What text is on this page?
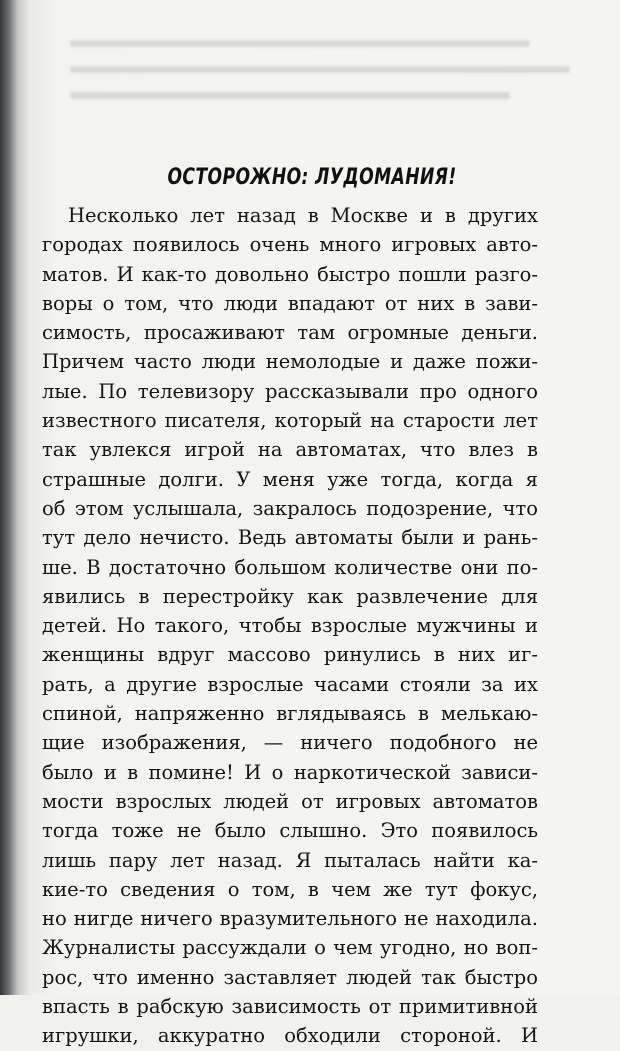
ОСТОРОЖНО: ЛУДОМАНИЯ!
Несколько лет назад в Москве и в других
городах появилось очень много игровых авто-
матов. И как-то довольно быстро пошли разго-
воры о том, что люди впадают от них в зави-
симость, просаживают там огромные деньги.
Причем часто люди немолодые и даже пожи-
лые. По телевизору рассказывали про одного
известного писателя, который на старости лет
так увлекся игрой на автоматах, что влез в
страшные долги. У меня уже тогда, когда я
об этом услышала, закралось подозрение, что
тут дело нечисто. Ведь автоматы были и рань-
ше. В достаточно большом количестве они по-
явились в перестройку как развлечение для
детей. Но такого, чтобы взрослые мужчины и
женщины вдруг массово ринулись в них иг-
рать, а другие взрослые часами стояли за их
спиной, напряженно вглядываясь в мелькаю-
щие изображения, — ничего подобного не
было и в помине! И о наркотической зависи-
мости взрослых людей от игровых автоматов
тогда тоже не было слышно. Это появилось
лишь пару лет назад. Я пыталась найти ка-
кие-то сведения о том, в чем же тут фокус,
но нигде ничего вразумительного не находила.
Журналисты рассуждали о чем угодно, но воп-
рос, что именно заставляет людей так быстро
впасть в рабскую зависимость от примитивной
игрушки, аккуратно обходили стороной. И
